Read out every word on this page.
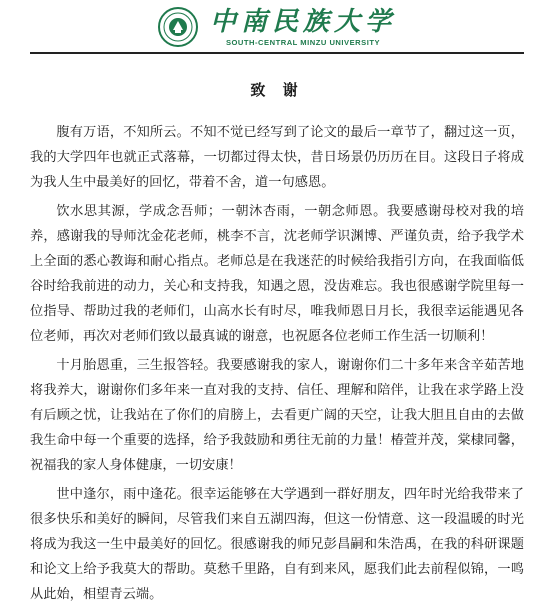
中南民族大学
SOUTH-CENTRAL MINZU UNIVERSITY
致 谢

腹有万语，不知所云。不知不觉已经写到了论文的最后一章节了，翻过这一页，我的大学四年也就正式落幕，一切都过得太快，昔日场景仍历历在目。这段日子将成为我人生中最美好的回忆，带着不舍，道一句感恩。

饮水思其源，学成念吾师；一朝沐杏雨，一朝念师恩。我要感谢母校对我的培养，感谢我的导师沈金花老师，桃李不言，沈老师学识渊博、严谨负责，给予我学术上全面的悉心教诲和耐心指点。老师总是在我迷茫的时候给我指引方向，在我面临低谷时给我前进的动力，关心和支持我，知遇之恩，没齿难忘。我也很感谢学院里每一位指导、帮助过我的老师们，山高水长有时尽，唯我师恩日月长，我很幸运能遇见各位老师，再次对老师们致以最真诚的谢意，也祝愿各位老师工作生活一切顺利！

十月胎恩重，三生报答轻。我要感谢我的家人，谢谢你们二十多年来含辛茹苦地将我养大，谢谢你们多年来一直对我的支持、信任、理解和陪伴，让我在求学路上没有后顾之忧，让我站在了你们的肩膀上，去看更广阔的天空，让我大胆且自由的去做我生命中每一个重要的选择，给予我鼓励和勇往无前的力量！椿萱并茂，棠棣同馨，祝福我的家人身体健康，一切安康！

世中逢尔，雨中逢花。很幸运能够在大学遇到一群好朋友，四年时光给我带来了很多快乐和美好的瞬间，尽管我们来自五湖四海，但这一份情意、这一段温暖的时光将成为我这一生中最美好的回忆。很感谢我的师兄彭昌嗣和朱浩禹，在我的科研课题和论文上给予我莫大的帮助。莫愁千里路，自有到来风，愿我们此去前程似锦，一鸣从此始，相望青云端。
